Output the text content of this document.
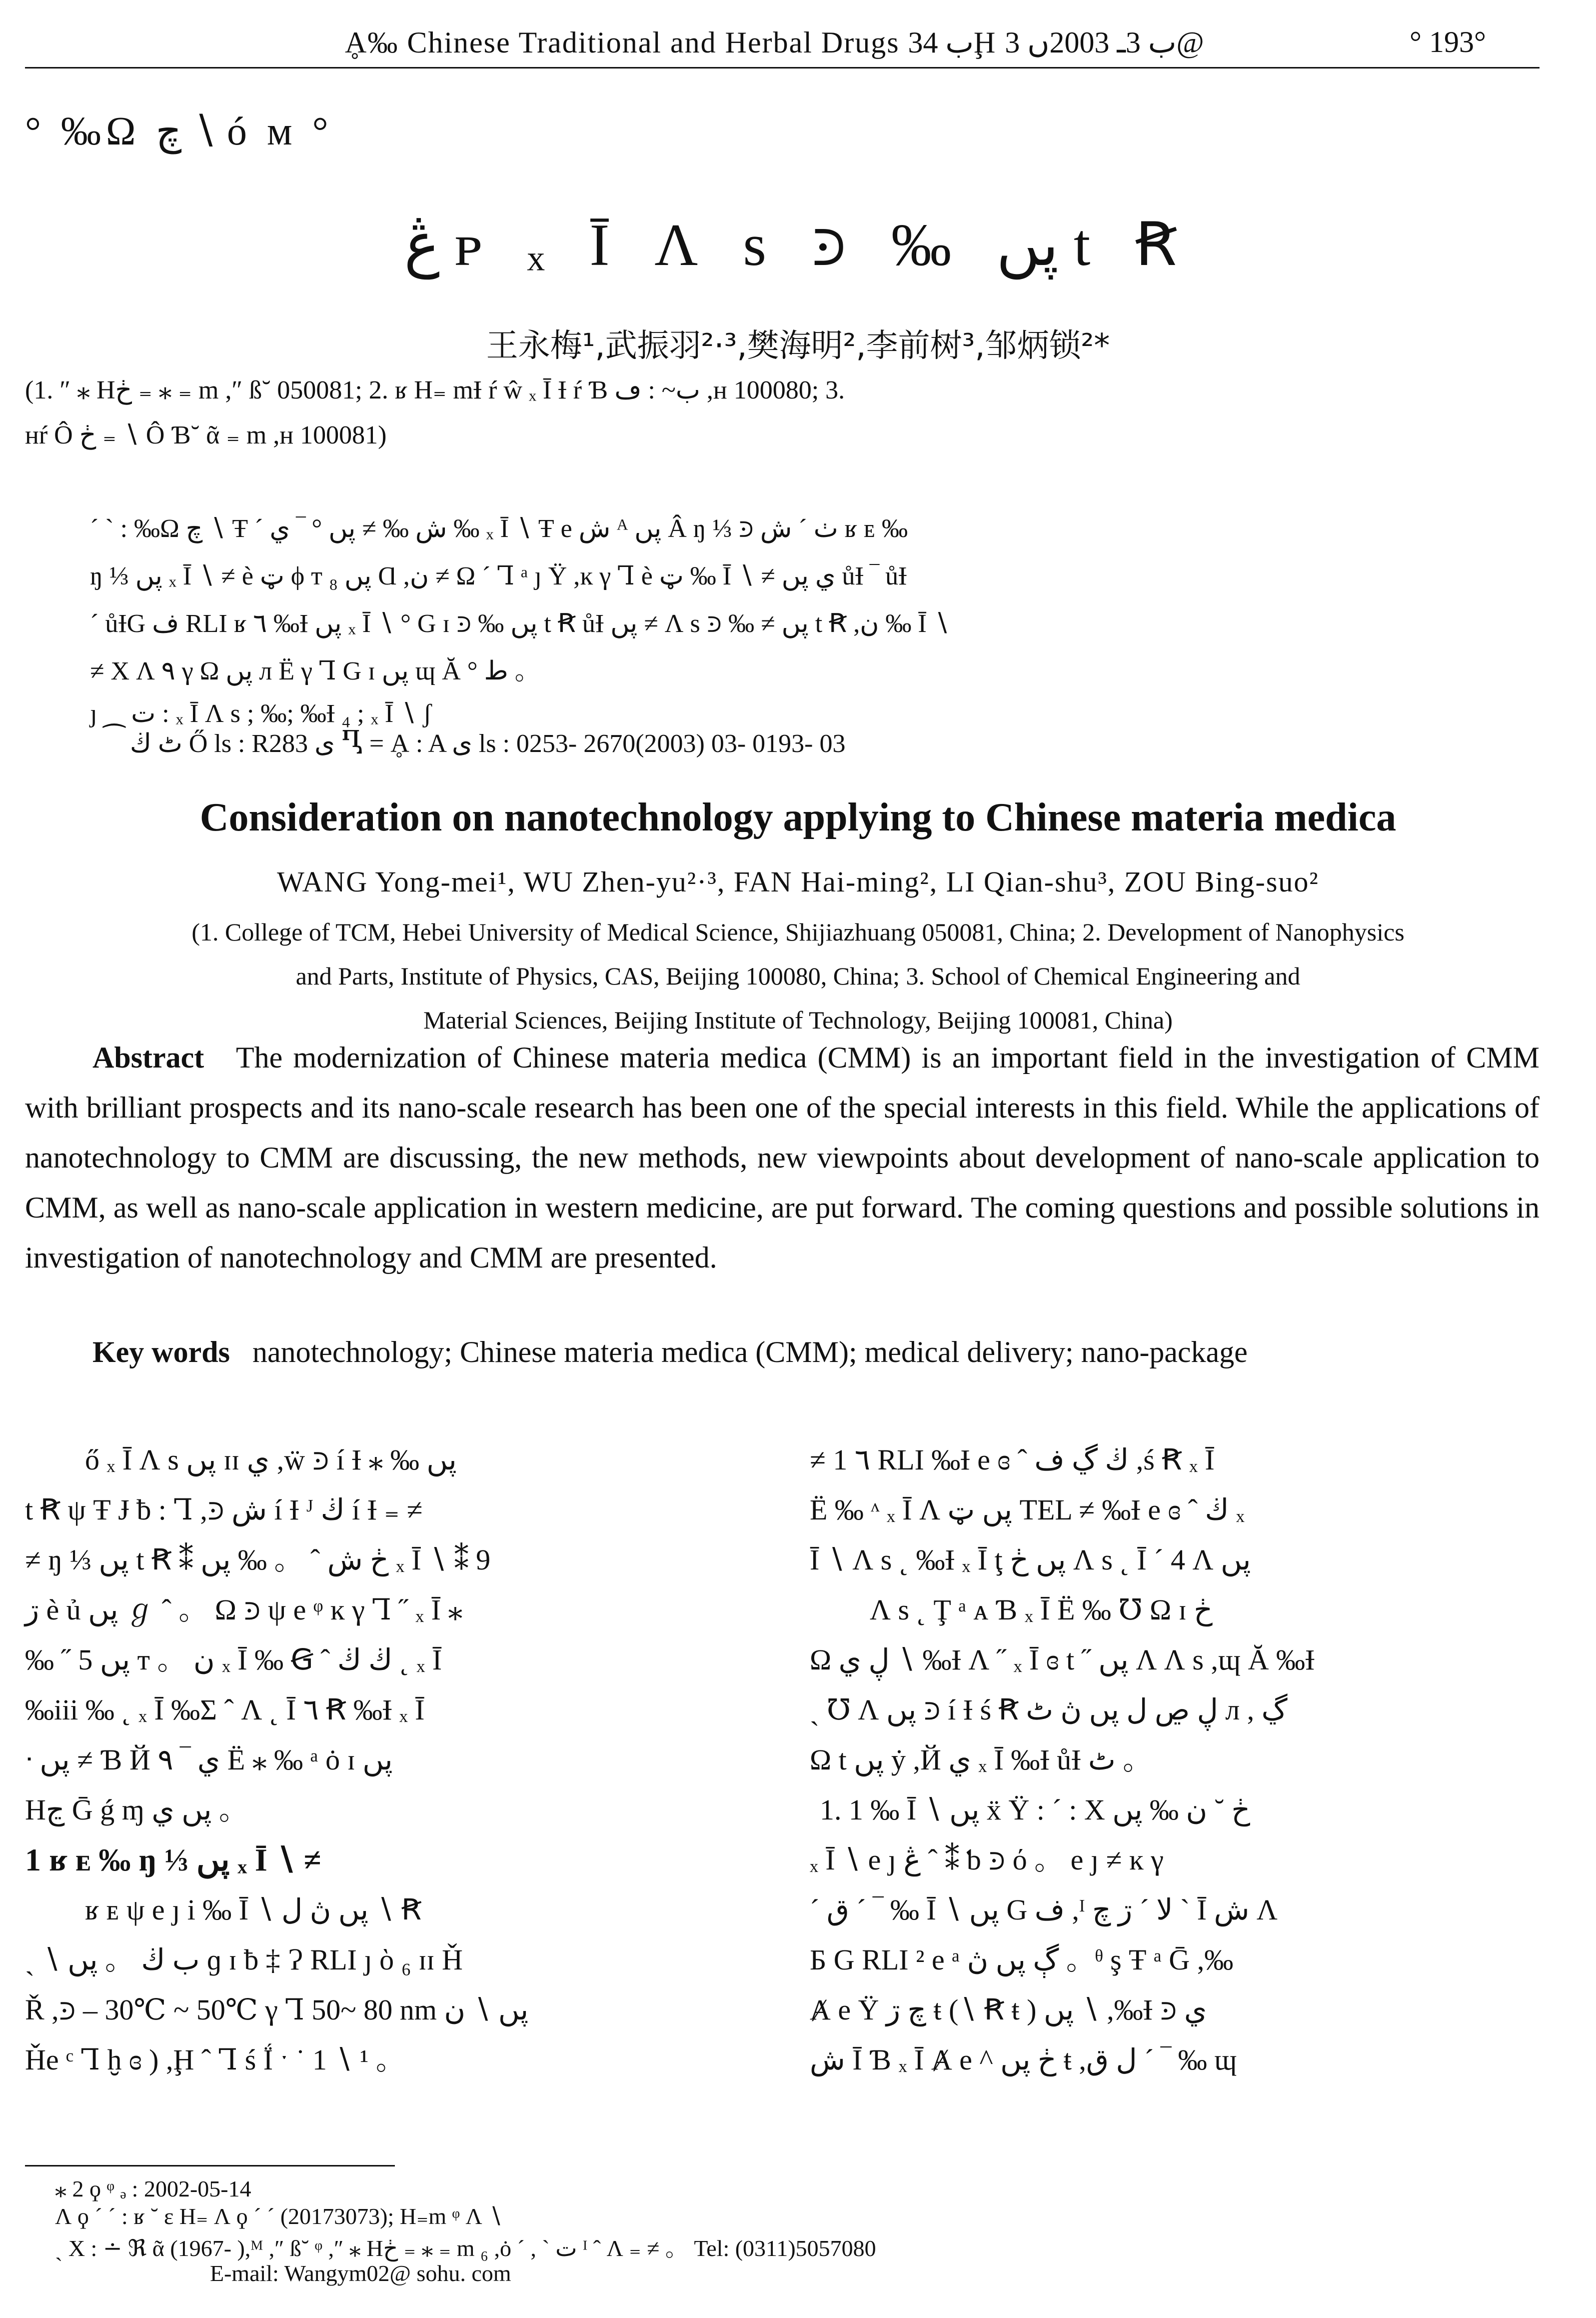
Ḁ‰ Chinese Traditional and Herbal Drugs ب 34Ḩ ب 3ـ 2003ں 3@	° 193°
° ‰Ω چ ∖ ó м °
ڠ ᴘ ₓ Ī Ʌ s ⪾ ‰ پں t Ꞧ
王永梅¹,武振羽²·³,樊海明²,李前树³,邹炳锁²*
(1. ″ ⁎ Hڂ ₌ ⁎ ₌ m ,″ ß˘ 050081; 2. ʁ H₌ mƗ ŕ ŵ ₓ Ī Ɨ ŕ Ɓ ب~ : ڡ ,ʜ 100080; 3.
ʜŕ Ô ڂ ₌ ∖ Ô Ɓ˘ ᾶ ₌ m ,ʜ 100081)
ˊ ˋ : ‰Ω چ ∖ Ŧ ˊ ش ‰ ≠ پں ° ‾ ي ‰ ₓ Ī ∖ Ŧ e ش ᴬ پں Â ŋ ⅓ ⪾ ٺ ˊ ش ʁ ᴇ ‰
ŋ ⅓ پں ₓ Ī ∖ ≠ è ټ ϕ т پں ₈ Ɑ ,ن ≠ Ω ˊ Ꞁ ᵃ ȷ Ÿ ,ĸ γ Ꞁ è ټ ‰ Ī ∖ ≠ ي پں ůƗ ‾ ůƗ
ˊ ůƗG ف RLI ʁ ٦ ‰Ɨ پں ₓ Ī ∖ ° G ɪ ⪾ ‰ پں t Ꞧ ůƗ پں ≠ Ʌ s ⪾ ‰ ≠ پں t Ꞧ ,ن ‰ Ī ∖
≠ X Ʌ ٩ γ Ω پں л Ë γ Ꞁ G ɪ پں ɰ Ă ° ط 。
ȷ ⁔ ت : ₓ Ī Ʌ s ; ‰; ‰Ɨ ₄ ; ₓ Ī ∖ ʃ
ٹ ڬ Ő ls : R283 ى Ⴂ = Ḁ : A ى ls : 0253- 2670(2003) 03- 0193- 03
Consideration on nanotechnology applying to Chinese materia medica
WANG Yong-mei¹, WU Zhen-yu²·³, FAN Hai-ming², LI Qian-shu³, ZOU Bing-suo²
(1. College of TCM, Hebei University of Medical Science, Shijiazhuang 050081, China; 2. Development of Nanophysics
and Parts, Institute of Physics, CAS, Beijing 100080, China; 3. School of Chemical Engineering and
Material Sciences, Beijing Institute of Technology, Beijing 100081, China)

Abstract The modernization of Chinese materia medica (CMM) is an important field in the investigation of CMM with brilliant prospects and its nano-scale research has been one of the special interests in this field. While the applications of nanotechnology to CMM are discussing, the new methods, new viewpoints about development of nano-scale application to CMM, as well as nano-scale application in western medicine, are put forward. The coming questions and possible solutions in investigation of nanotechnology and CMM are presented.

Key words nanotechnology; Chinese materia medica (CMM); medical delivery; nano-package

ő ₓ Ī Ʌ s پں ɪɪ ي ,ẅ ⪾ í Ɨ ⁎ ‰ پں

t Ꞧ ψ Ŧ Ɉ ƀ : Ꞁ ,⪾ ش í Ɨ ᴶ ڬ í Ɨ ₌ ≠

≠ ŋ ⅓ پں t Ꞧ ⁑ ڂ ش ˆ 。 ‰ پں ₓ Ī ∖ ⁑ 9

ڗ è ủ پں ℊ ˆ 。 Ω ⪾ ψ e ᵠ ĸ γ Ꞁ ˝ ₓ Ī ⁎

‰ ˝ پں 5 т 。 ن ₓ Ī ‰ Ꞡ ˆ ڬ ڬ ˛ ₓ Ī

‰iii ‰ ˛ ₓ Ī ‰Ʃ ˆ Ʌ ˛ Ī ٦ Ꞧ ‰Ɨ ₓ Ī

ᐧ پں ≠ Ɓ Й ي ‾ ٩ Ë ⁎ ‰ ᵃ ȯ ɪ پں

Hڃ Ḡ ǵ ɱ پں ي 。

1 ʁ ᴇ ‰ ŋ ⅓ پں ₓ Ī ∖ ≠

ʁ ᴇ ψ e ȷ i ‰ Ī ∖ پں ڽ ل ∖ Ꞧ

ˏ ∖ ب ڬ 。 پں ɡ ɪ ƀ ‡ Ɂ RLI ȷ ὸ ₆ ɪɪ Ȟ

Ř ,⪾ – 30℃ ~ 50℃ γ Ꞁ 50~ 80 nm پں ∖ ن

Ȟe ᶜ Ꞁ ḫ ɞ ) ,Ḩ ˆ Ꞁ ś Ḯ ˑ ˙ 1 ∖ ¹ 。

≠ 1 ٦ RLI ‰Ɨ e ɞ ˆ ڬ ڲ ف ,ś Ꞧ ₓ Ī

Ë ‰ ᶺ ₓ Ī Ʌ پں ټ TEL ≠ ‰Ɨ e ɞ ˆ ڬ ₓ

Ī ∖ Ʌ s ˛ ‰Ɨ ₓ Ī ţ پں ڂ Ʌ s ˛ Ī ˊ 4 Ʌ پں

Ʌ s ˛ Ţ ᵃ ᴀ Ɓ ₓ Ī Ë ‰ ℧ Ω ɪ ڂ

Ω ڸ ي ∖ ‰Ɨ Ʌ ˝ ₓ Ī ɞ t ˝ پں Ʌ Ʌ s ,ɰ Ă ‰Ɨ

ˏ ℧ Ʌ پں ⪾ í Ɨ ś Ꞧ ڸ ڝ ل پں ڽ ٹ л , ڲ

Ω t پں ẏ ,Й ي ₓ Ī ‰Ɨ ůƗ ٹ 。

1. 1 ‰ Ī ∖ پں ẍ Ÿ : ˊ : X ڂ ˘ ن ‰ پں

ₓ Ī ∖ e ȷ ڠ ˆ ⁑ ƅ ⪾ ό 。 e ȷ ≠ ĸ γ

ˊ ق ˊ ‾ ‰ Ī ∖ پں G ف ,ᴵ ﻻ ˊ ڗ چ ˋ Ī ش Ʌ

Ƃ G RLI ² e ᵃ ڳ پں ڽ 。ᶿ ş Ŧ ᵃ Ḡ ,‰

Ⱥ e Ÿ چ ڗ ŧ (∖ Ꞧ ŧ ) پں ∖ ,‰Ɨ ⪾ ي

ش Ī Ɓ ₓ Ī Ⱥ e ^ ڂ پں ŧ ,ل ق ˊ ‾ ‰ ɰ

⁎ 2 ϙ ᵠ ₔ : 2002-05-14
Ʌ ϙ ˊ ˊ : ʁ ˘ ε H₌ Ʌ ϙ ˊ ˊ (20173073); H₌m ᵠ Ʌ ∖
ˏ X : ∸ ℜ ᾶ (1967- ),ᴹ ,″ ß˘ ᵠ ,″ ⁎ Hڂ ₌ ⁎ ₌ m ₆ ,ȯ ˊ , ˋ ت ᴵ ˆ Ʌ ₌ ≠ 。 Tel: (0311)5057080
E-mail: Wangym02@ sohu. com
